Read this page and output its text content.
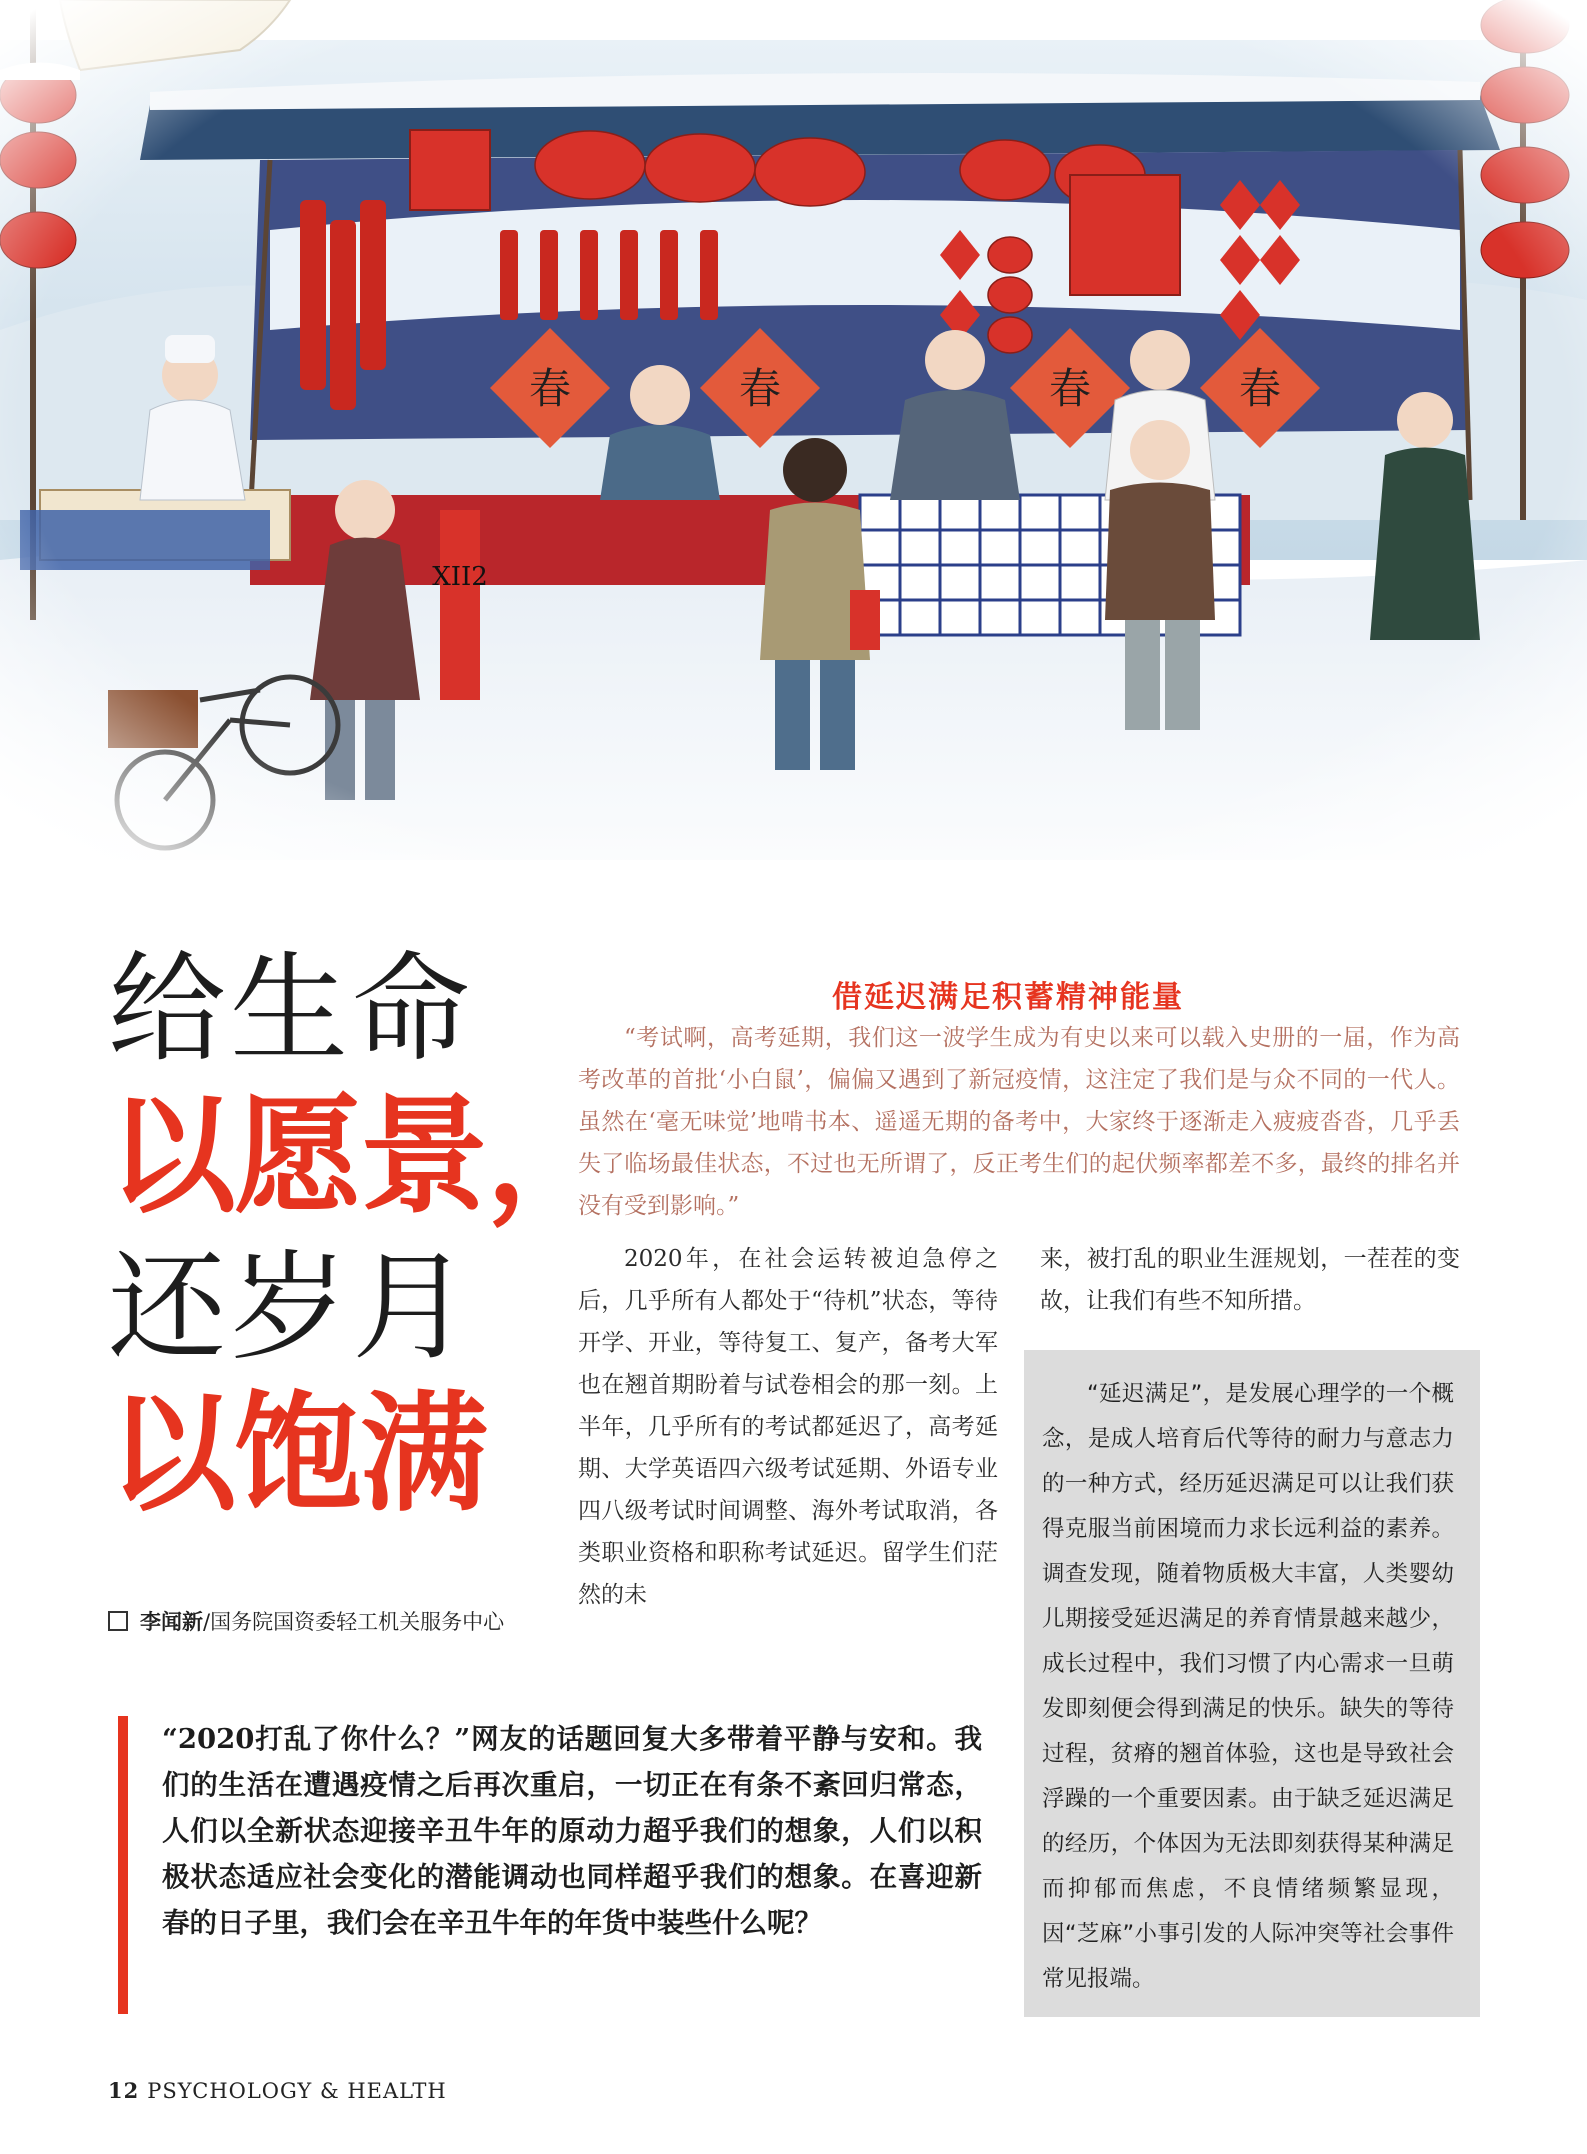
给生命
以愿景，
还岁月
以饱满
李闻新/国务院国资委轻工机关服务中心
借延迟满足积蓄精神能量

“考试啊，高考延期，我们这一波学生成为有史以来可以载入史册的一届，作为高考改革的首批‘小白鼠’，偏偏又遇到了新冠疫情，这注定了我们是与众不同的一代人。虽然在‘毫无味觉’地啃书本、遥遥无期的备考中，大家终于逐渐走入疲疲沓沓，几乎丢失了临场最佳状态，不过也无所谓了，反正考生们的起伏频率都差不多，最终的排名并没有受到影响。”

2020年，在社会运转被迫急停之后，几乎所有人都处于“待机”状态，等待开学、开业，等待复工、复产，备考大军也在翘首期盼着与试卷相会的那一刻。上半年，几乎所有的考试都延迟了，高考延期、大学英语四六级考试延期、外语专业四八级考试时间调整、海外考试取消，各类职业资格和职称考试延迟。留学生们茫然的未

来，被打乱的职业生涯规划，一茬茬的变故，让我们有些不知所措。

“延迟满足”，是发展心理学的一个概念，是成人培育后代等待的耐力与意志力的一种方式，经历延迟满足可以让我们获得克服当前困境而力求长远利益的素养。调查发现，随着物质极大丰富，人类婴幼儿期接受延迟满足的养育情景越来越少，成长过程中，我们习惯了内心需求一旦萌发即刻便会得到满足的快乐。缺失的等待过程，贫瘠的翘首体验，这也是导致社会浮躁的一个重要因素。由于缺乏延迟满足的经历，个体因为无法即刻获得某种满足而抑郁而焦虑，不良情绪频繁显现，因“芝麻”小事引发的人际冲突等社会事件常见报端。

“2020打乱了你什么？”网友的话题回复大多带着平静与安和。我们的生活在遭遇疫情之后再次重启，一切正在有条不紊回归常态，人们以全新状态迎接辛丑牛年的原动力超乎我们的想象，人们以积极状态适应社会变化的潜能调动也同样超乎我们的想象。在喜迎新春的日子里，我们会在辛丑牛年的年货中装些什么呢？

12 PSYCHOLOGY & HEALTH
